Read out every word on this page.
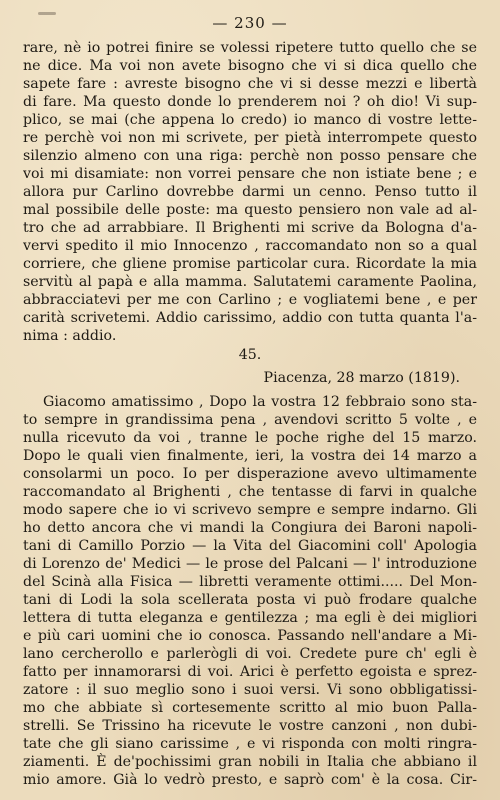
— 230 —
rare, nè io potrei finire se volessi ripetere tutto quello che se
ne dice. Ma voi non avete bisogno che vi si dica quello che
sapete fare : avreste bisogno che vi si desse mezzi e libertà
di fare. Ma questo donde lo prenderem noi ? oh dio! Vi sup-
plico, se mai (che appena lo credo) io manco di vostre lette-
re perchè voi non mi scrivete, per pietà interrompete questo
silenzio almeno con una riga: perchè non posso pensare che
voi mi disamiate: non vorrei pensare che non istiate bene ; e
allora pur Carlino dovrebbe darmi un cenno. Penso tutto il
mal possibile delle poste: ma questo pensiero non vale ad al-
tro che ad arrabbiare. Il Brighenti mi scrive da Bologna d'a-
vervi spedito il mio Innocenzo , raccomandato non so a qual
corriere, che gliene promise particolar cura. Ricordate la mia
servitù al papà e alla mamma. Salutatemi caramente Paolina,
abbracciatevi per me con Carlino ; e vogliatemi bene , e per
carità scrivetemi. Addio carissimo, addio con tutta quanta l'a-
nima : addio.
45.
Piacenza, 28 marzo (1819).
Giacomo amatissimo , Dopo la vostra 12 febbraio sono sta-
to sempre in grandissima pena , avendovi scritto 5 volte , e
nulla ricevuto da voi , tranne le poche righe del 15 marzo.
Dopo le quali vien finalmente, ieri, la vostra dei 14 marzo a
consolarmi un poco. Io per disperazione avevo ultimamente
raccomandato al Brighenti , che tentasse di farvi in qualche
modo sapere che io vi scrivevo sempre e sempre indarno. Gli
ho detto ancora che vi mandi la Congiura dei Baroni napoli-
tani di Camillo Porzio — la Vita del Giacomini coll' Apologia
di Lorenzo de' Medici — le prose del Palcani — l' introduzione
del Scinà alla Fisica — libretti veramente ottimi..... Del Mon-
tani di Lodi la sola scellerata posta vi può frodare qualche
lettera di tutta eleganza e gentilezza ; ma egli è dei migliori
e più cari uomini che io conosca. Passando nell'andare a Mi-
lano cercherollo e parlerògli di voi. Credete pure ch' egli è
fatto per innamorarsi di voi. Arici è perfetto egoista e sprez-
zatore : il suo meglio sono i suoi versi. Vi sono obbligatissi-
mo che abbiate sì cortesemente scritto al mio buon Palla-
strelli. Se Trissino ha ricevute le vostre canzoni , non dubi-
tate che gli siano carissime , e vi risponda con molti ringra-
ziamenti. È de'pochissimi gran nobili in Italia che abbiano il
mio amore. Già lo vedrò presto, e saprò com' è la cosa. Cir-
